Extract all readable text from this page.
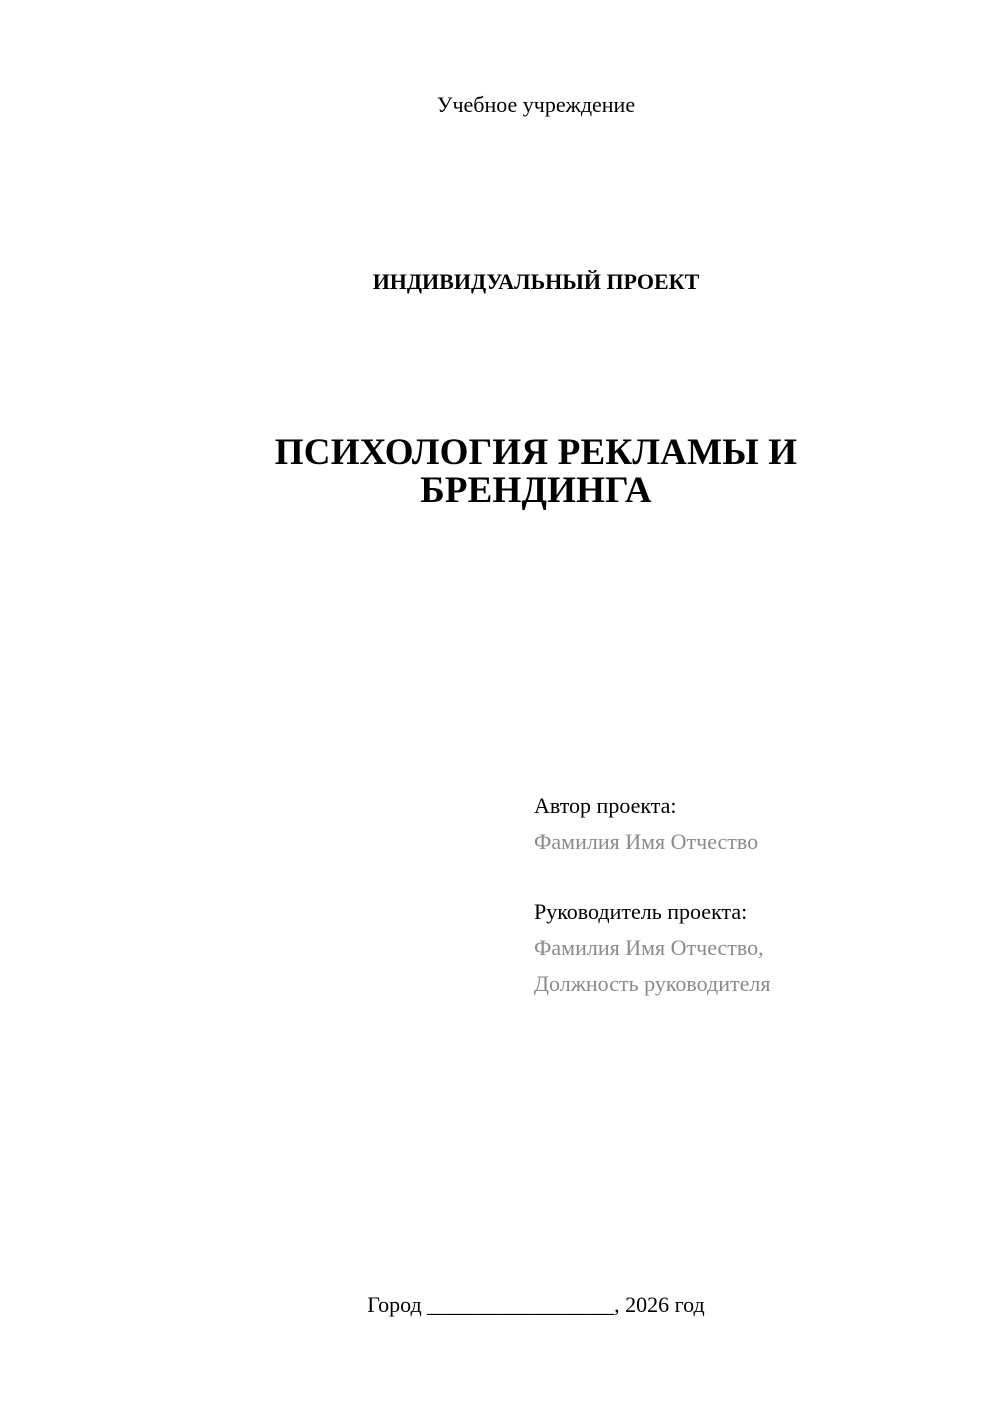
Учебное учреждение
ИНДИВИДУАЛЬНЫЙ ПРОЕКТ
ПСИХОЛОГИЯ РЕКЛАМЫ И
БРЕНДИНГА
Автор проекта:
Фамилия Имя Отчество
Руководитель проекта:
Фамилия Имя Отчество,
Должность руководителя
Город _________________, 2026 год
